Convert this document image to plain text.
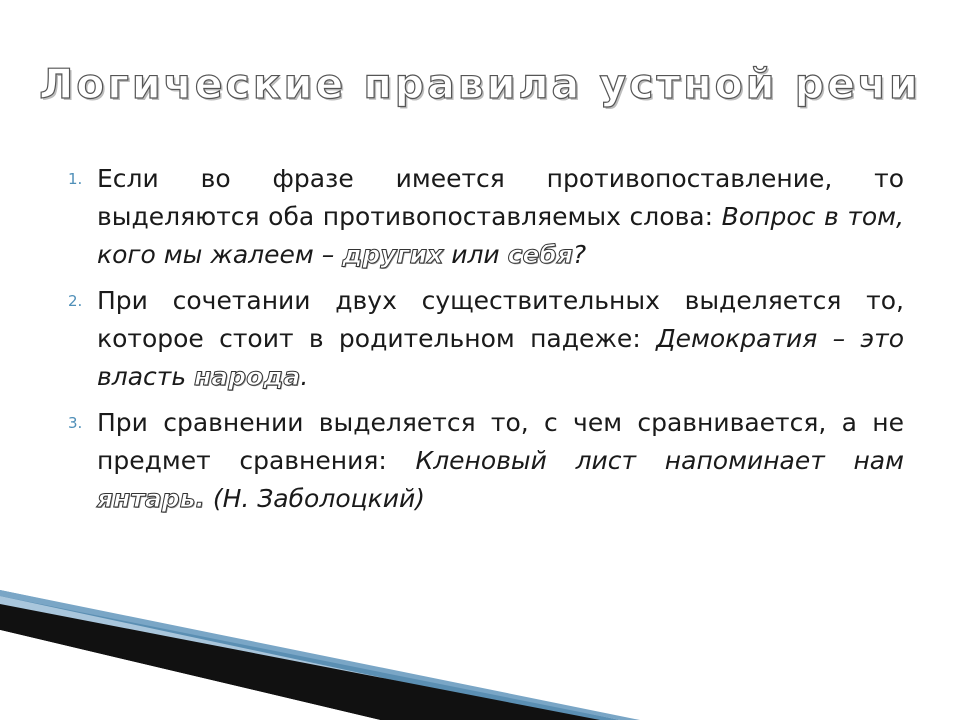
Логические правила устной речи
1. Если во фразе имеется противопоставление, то выделяются оба противопоставляемых слова: Вопрос в том, кого мы жалеем – других или себя?
2. При сочетании двух существительных выделяется то, которое стоит в родительном падеже: Демократия – это власть народа.
3. При сравнении выделяется то, с чем сравнивается, а не предмет сравнения: Кленовый лист напоминает нам янтарь. (Н. Заболоцкий)
